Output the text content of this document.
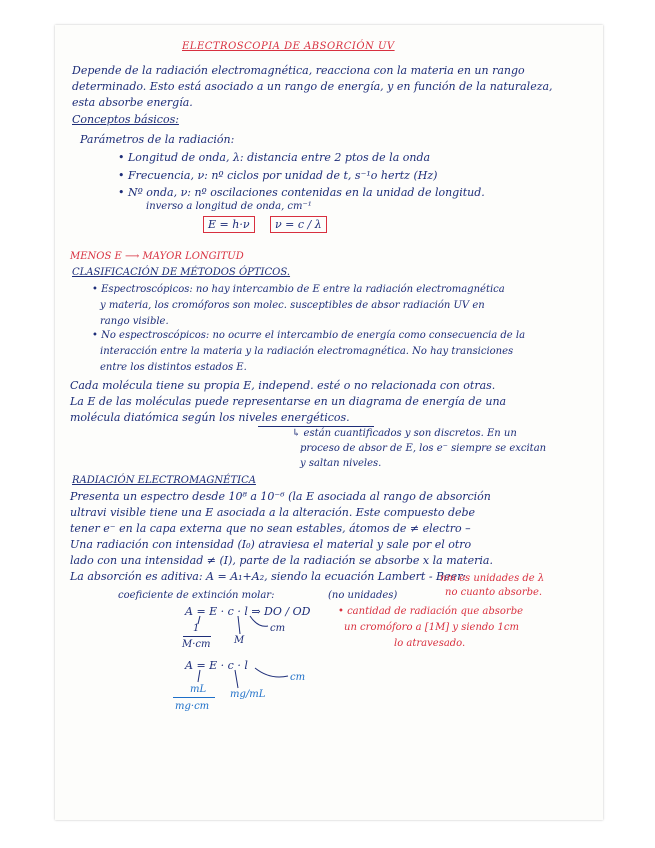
ELECTROSCOPIA DE ABSORCIÓN UV
Depende de la radiación electromagnética, reacciona con la materia en un rango
determinado. Esto está asociado a un rango de energía, y en función de la naturaleza,
esta absorbe energía.
Conceptos básicos:
Parámetros de la radiación:
• Longitud de onda, λ: distancia entre 2 ptos de la onda
• Frecuencia, ν: nº ciclos por unidad de t, s⁻¹o hertz (Hz)
• Nº onda, ν: nº oscilaciones contenidas en la unidad de longitud.
inverso a longitud de onda, cm⁻¹
E = h·ν	ν = c / λ
MENOS E ⟶ MAYOR LONGITUD
CLASIFICACIÓN DE MÉTODOS ÓPTICOS.
• Espectroscópicos: no hay intercambio de E entre la radiación electromagnética
y materia, los cromóforos son molec. susceptibles de absor radiación UV en
rango visible.
• No espectroscópicos: no ocurre el intercambio de energía como consecuencia de la
interacción entre la materia y la radiación electromagnética. No hay transiciones
entre los distintos estados E.
Cada molécula tiene su propia E, independ. esté o no relacionada con otras.
La E de las moléculas puede representarse en un diagrama de energía de una
molécula diatómica según los niveles energéticos.
↳ están cuantificados y son discretos. En un
proceso de absor de E, los e⁻ siempre se excitan
y saltan niveles.
RADIACIÓN ELECTROMAGNÉTICA
Presenta un espectro desde 10⁸ a 10⁻⁶ (la E asociada al rango de absorción
ultravi visible tiene una E asociada a la alteración. Este compuesto debe
tener e⁻ en la capa externa que no sean estables, átomos de ≠ electro –
Una radiación con intensidad (I₀) atraviesa el material y sale por el otro
lado con una intensidad ≠ (I), parte de la radiación se absorbe x la materia.
La absorción es aditiva: A = A₁+A₂, siendo la ecuación Lambert - Beer:
coeficiente de extinción molar:	(no unidades)
nm es unidades de λ
no cuanto absorbe.
A = E · c · l ⇒ DO / OD
1
M·cm M
cm
• cantidad de radiación que absorbe
un cromóforo a [1M] y siendo 1cm
lo atravesado.
A = E · c · l
mL
mg·cm
mg/mL
cm
